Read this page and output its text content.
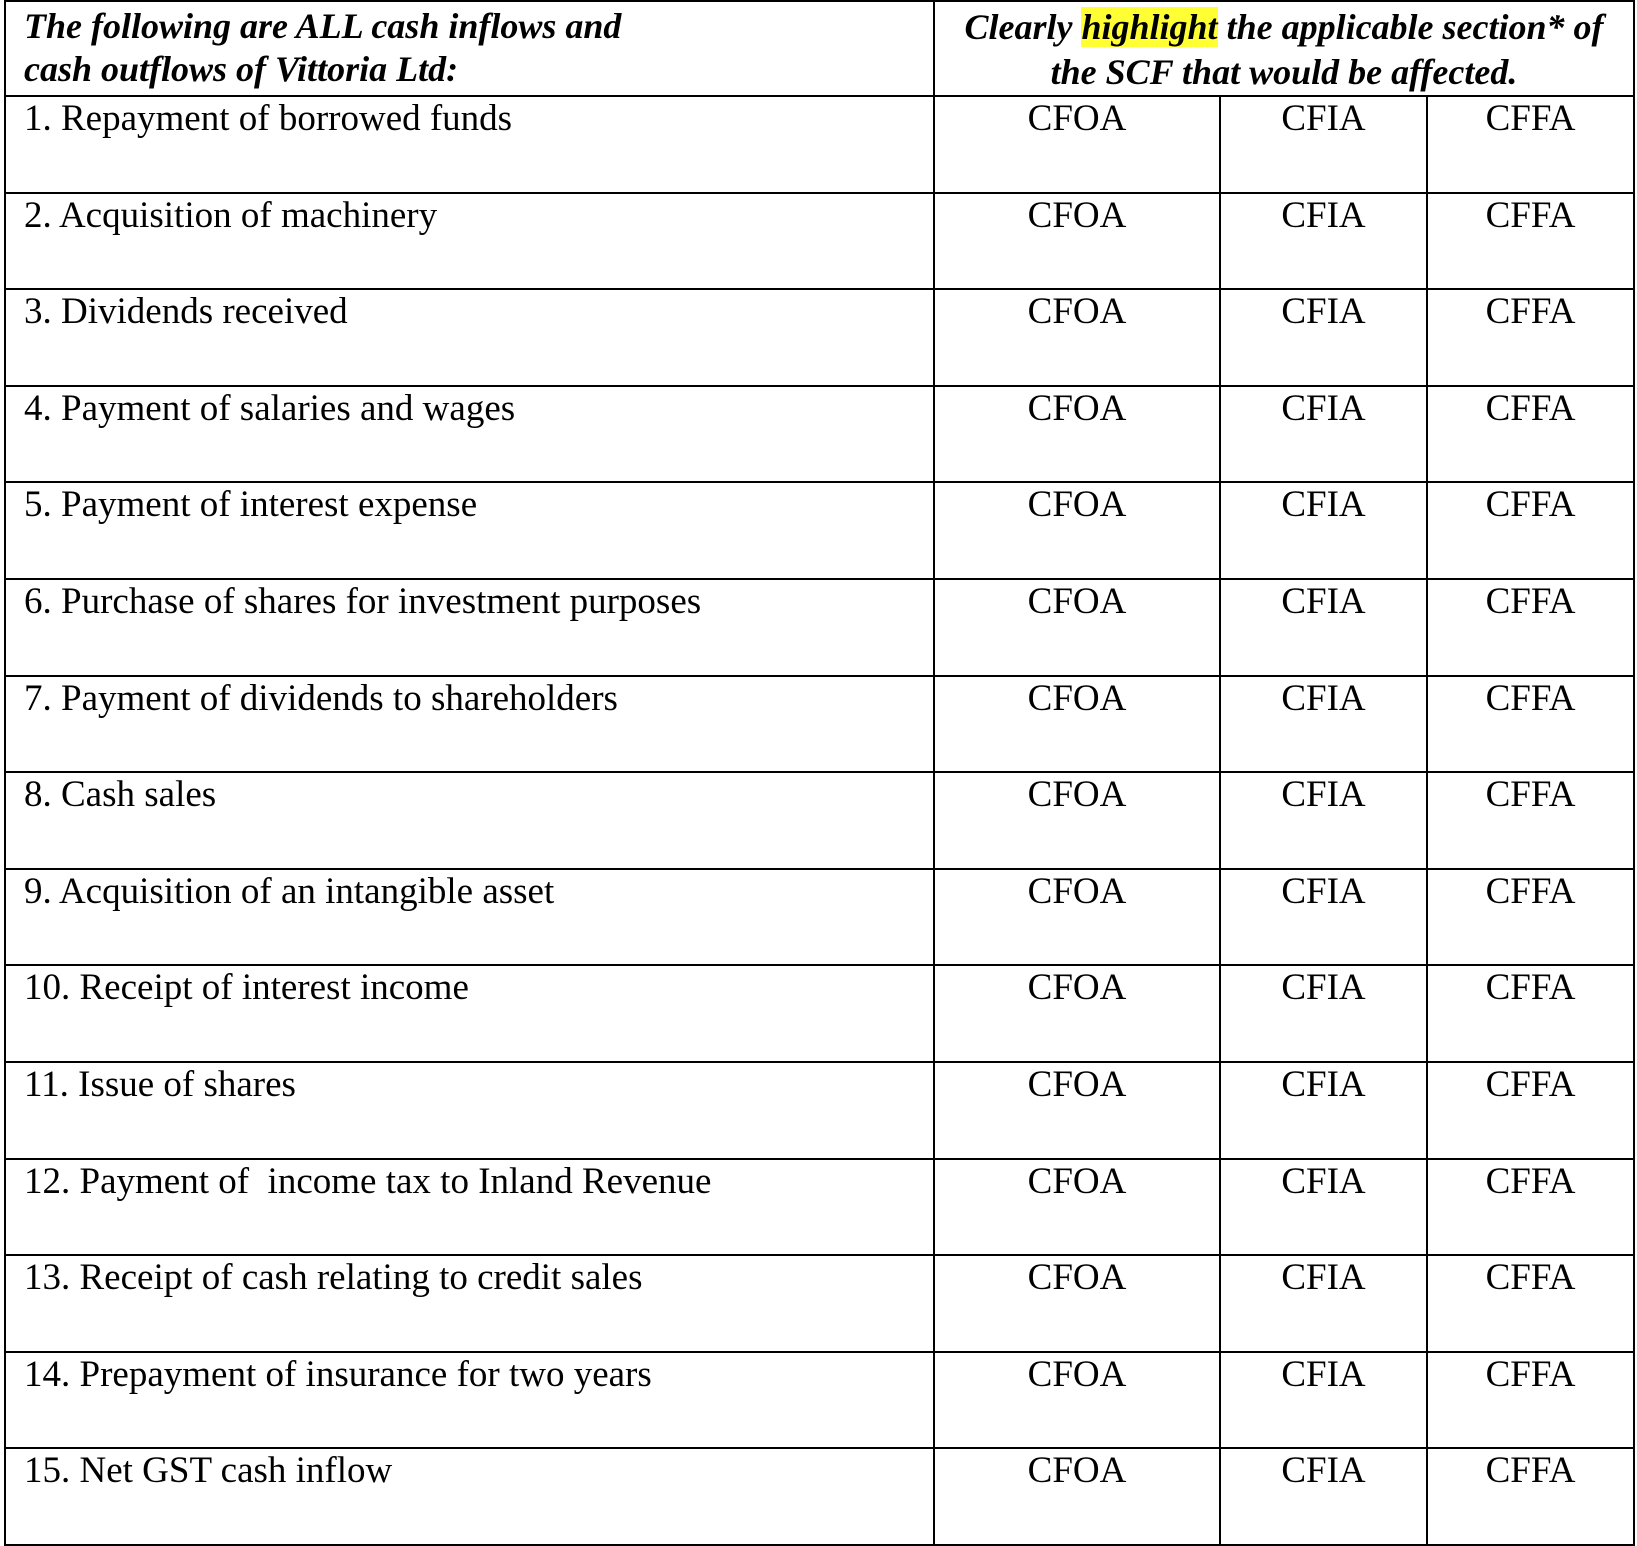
The following are ALL cash inflows and
cash outflows of Vittoria Ltd:	Clearly highlight the applicable section* of
the SCF that would be affected.		

1. Repayment of borrowed funds	CFOA	CFIA	CFFA

2. Acquisition of machinery	CFOA	CFIA	CFFA

3. Dividends received	CFOA	CFIA	CFFA

4. Payment of salaries and wages	CFOA	CFIA	CFFA

5. Payment of interest expense	CFOA	CFIA	CFFA

6. Purchase of shares for investment purposes	CFOA	CFIA	CFFA

7. Payment of dividends to shareholders	CFOA	CFIA	CFFA

8. Cash sales	CFOA	CFIA	CFFA

9. Acquisition of an intangible asset	CFOA	CFIA	CFFA

10. Receipt of interest income	CFOA	CFIA	CFFA

11. Issue of shares	CFOA	CFIA	CFFA

12. Payment of  income tax to Inland Revenue	CFOA	CFIA	CFFA

13. Receipt of cash relating to credit sales	CFOA	CFIA	CFFA

14. Prepayment of insurance for two years	CFOA	CFIA	CFFA

15. Net GST cash inflow	CFOA	CFIA	CFFA
